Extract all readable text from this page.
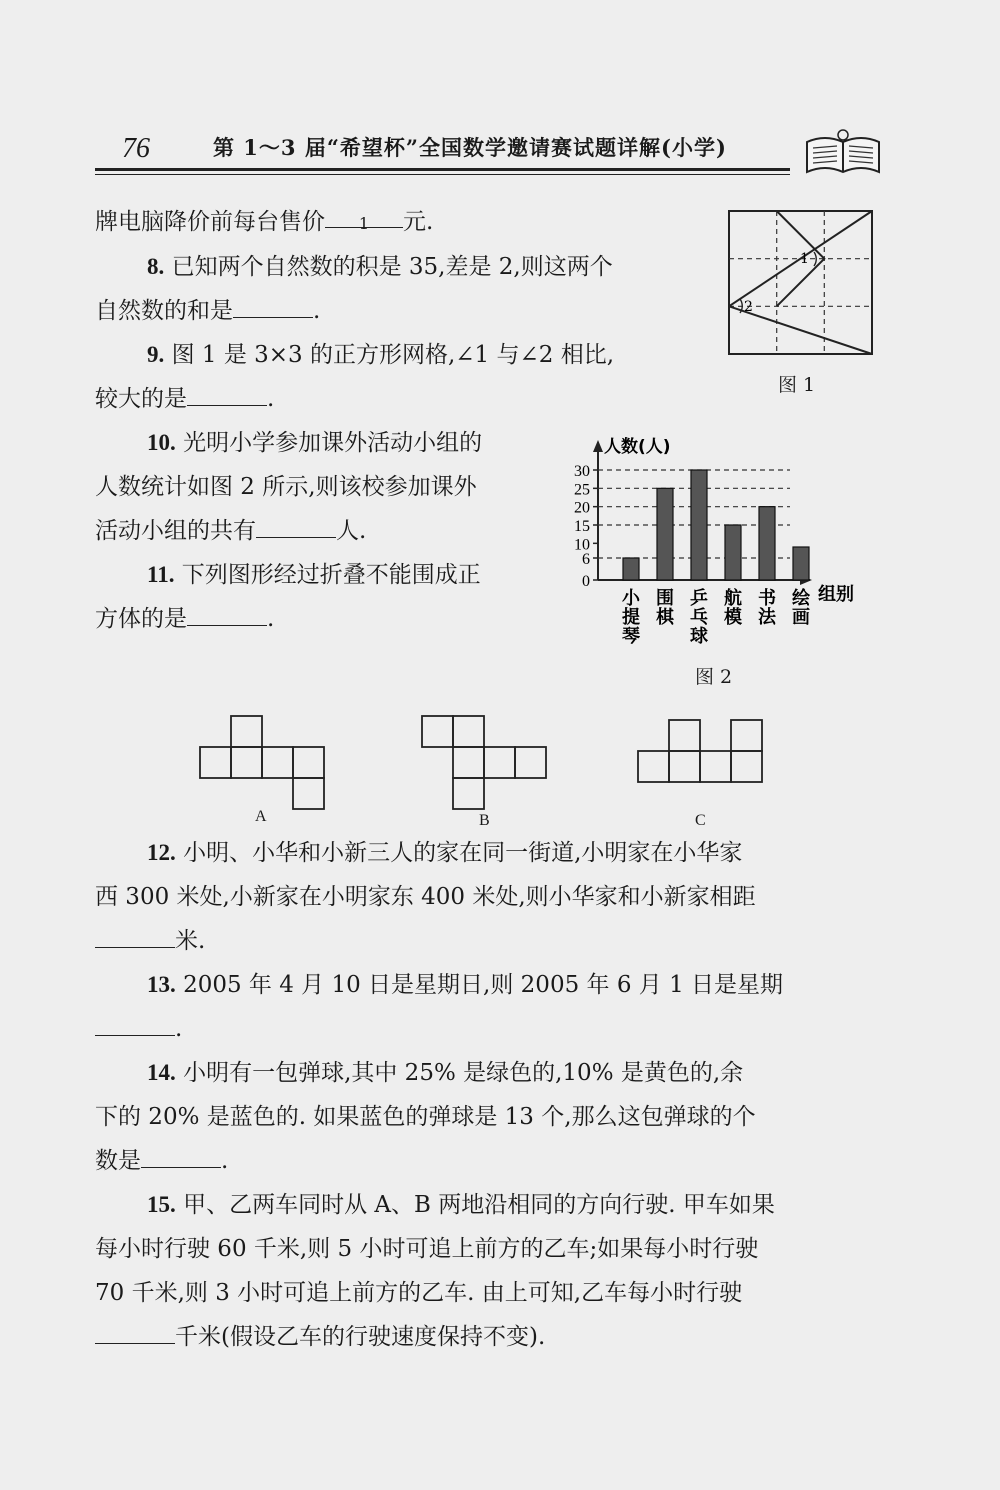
76	第 1～3 届“希望杯”全国数学邀请赛试题详解(小学)
牌电脑降价前每台售价 1 元.
8. 已知两个自然数的积是 35,差是 2,则这两个
自然数的和是	.
9. 图 1 是 3×3 的正方形网格,∠1 与∠2 相比,
较大的是	.
1
2
图 1
10. 光明小学参加课外活动小组的
人数统计如图 2 所示,则该校参加课外
活动小组的共有	人.
11. 下列图形经过折叠不能围成正
方体的是	.
人数(人)
组别
0
6
10
15
20
25
30
小
提
琴
围
棋
乒
乓
球
航
模
书
法
绘
画
图 2
A	B	C
12. 小明、小华和小新三人的家在同一街道,小明家在小华家
西 300 米处,小新家在小明家东 400 米处,则小华家和小新家相距
米.
13. 2005 年 4 月 10 日是星期日,则 2005 年 6 月 1 日是星期
.
14. 小明有一包弹球,其中 25% 是绿色的,10% 是黄色的,余
下的 20% 是蓝色的. 如果蓝色的弹球是 13 个,那么这包弹球的个
数是	.
15. 甲、乙两车同时从 A、B 两地沿相同的方向行驶. 甲车如果
每小时行驶 60 千米,则 5 小时可追上前方的乙车;如果每小时行驶
70 千米,则 3 小时可追上前方的乙车. 由上可知,乙车每小时行驶
千米(假设乙车的行驶速度保持不变).
